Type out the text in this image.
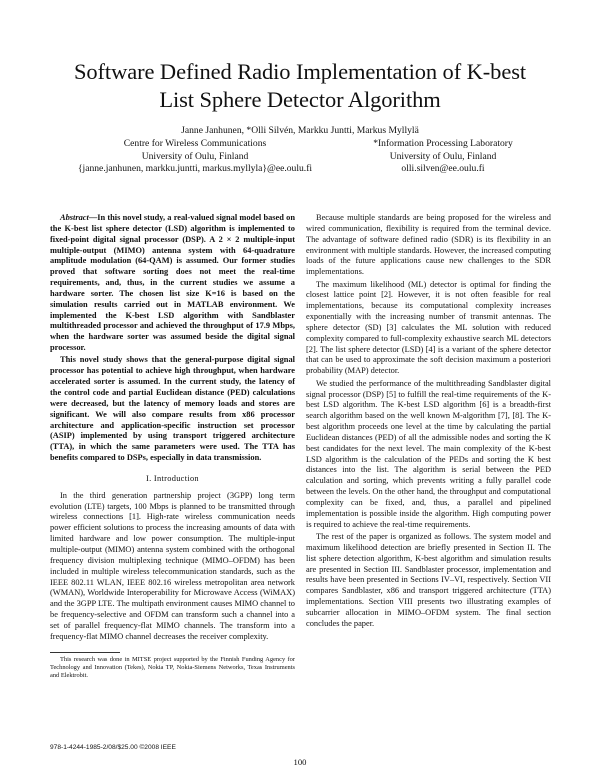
Software Defined Radio Implementation of K-best
List Sphere Detector Algorithm
Janne Janhunen, *Olli Silvén, Markku Juntti, Markus Myllylä
Centre for Wireless Communications
University of Oulu, Finland
{janne.janhunen, markku.juntti, markus.myllyla}@ee.oulu.fi
*Information Processing Laboratory
University of Oulu, Finland
olli.silven@ee.oulu.fi

Abstract—In this novel study, a real-valued signal model based on the K-best list sphere detector (LSD) algorithm is implemented to fixed-point digital signal processor (DSP). A 2 × 2 multiple-input multiple-output (MIMO) antenna system with 64-quadrature amplitude modulation (64-QAM) is assumed. Our former studies proved that software sorting does not meet the real-time requirements, and, thus, in the current studies we assume a hardware sorter. The chosen list size K=16 is based on the simulation results carried out in MATLAB environment. We implemented the K-best LSD algorithm with Sandblaster multithreaded processor and achieved the throughput of 17.9 Mbps, when the hardware sorter was assumed beside the digital signal processor.

This novel study shows that the general-purpose digital signal processor has potential to achieve high throughput, when hardware accelerated sorter is assumed. In the current study, the latency of the control code and partial Euclidean distance (PED) calculations were decreased, but the latency of memory loads and stores are significant. We will also compare results from x86 processor architecture and application-specific instruction set processor (ASIP) implemented by using transport triggered architecture (TTA), in which the same parameters were used. The TTA has benefits compared to DSPs, especially in data transmission.

I. Introduction

In the third generation partnership project (3GPP) long term evolution (LTE) targets, 100 Mbps is planned to be transmitted through wireless connections [1]. High-rate wireless communication needs power efficient solutions to process the increasing amounts of data with limited hardware and low power consumption. The multiple-input multiple-output (MIMO) antenna system combined with the orthogonal frequency division multiplexing technique (MIMO–OFDM) has been included in multiple wireless telecommunication standards, such as the IEEE 802.11 WLAN, IEEE 802.16 wireless metropolitan area network (WMAN), Worldwide Interoperability for Microwave Access (WiMAX) and the 3GPP LTE. The multipath environment causes MIMO channel to be frequency-selective and OFDM can transform such a channel into a set of parallel frequency-flat MIMO channels. The transform into a frequency-flat MIMO channel decreases the receiver complexity.

This research was done in MITSE project supported by the Finnish Funding Agency for Technology and Innovation (Tekes), Nokia TP, Nokia-Siemens Networks, Texas Instruments and Elektrobit.

Because multiple standards are being proposed for the wireless and wired communication, flexibility is required from the terminal device. The advantage of software defined radio (SDR) is its flexibility in an environment with multiple standards. However, the increased computing loads of the future applications cause new challenges to the SDR implementations.

The maximum likelihood (ML) detector is optimal for finding the closest lattice point [2]. However, it is not often feasible for real implementations, because its computational complexity increases exponentially with the increasing number of transmit antennas. The sphere detector (SD) [3] calculates the ML solution with reduced complexity compared to full-complexity exhaustive search ML detectors [2]. The list sphere detector (LSD) [4] is a variant of the sphere detector that can be used to approximate the soft decision maximum a posteriori probability (MAP) detector.

We studied the performance of the multithreading Sandblaster digital signal processor (DSP) [5] to fulfill the real-time requirements of the K-best LSD algorithm. The K-best LSD algorithm [6] is a breadth-first search algorithm based on the well known M-algorithm [7], [8]. The K-best algorithm proceeds one level at the time by calculating the partial Euclidean distances (PED) of all the admissible nodes and sorting the K best candidates for the next level. The main complexity of the K-best LSD algorithm is the calculation of the PEDs and sorting the K best distances into the list. The algorithm is serial between the PED calculation and sorting, which prevents writing a fully parallel code between the levels. On the other hand, the throughput and computational complexity can be fixed, and, thus, a parallel and pipelined implementation is possible inside the algorithm. High computing power is required to achieve the real-time requirements.

The rest of the paper is organized as follows. The system model and maximum likelihood detection are briefly presented in Section II. The list sphere detection algorithm, K-best algorithm and simulation results are presented in Section III. Sandblaster processor, implementation and results have been presented in Sections IV–VI, respectively. Section VII compares Sandblaster, x86 and transport triggered architecture (TTA) implementations. Section VIII presents two illustrating examples of subcarrier allocation in MIMO–OFDM system. The final section concludes the paper.

978-1-4244-1985-2/08/$25.00 ©2008 IEEE
100
